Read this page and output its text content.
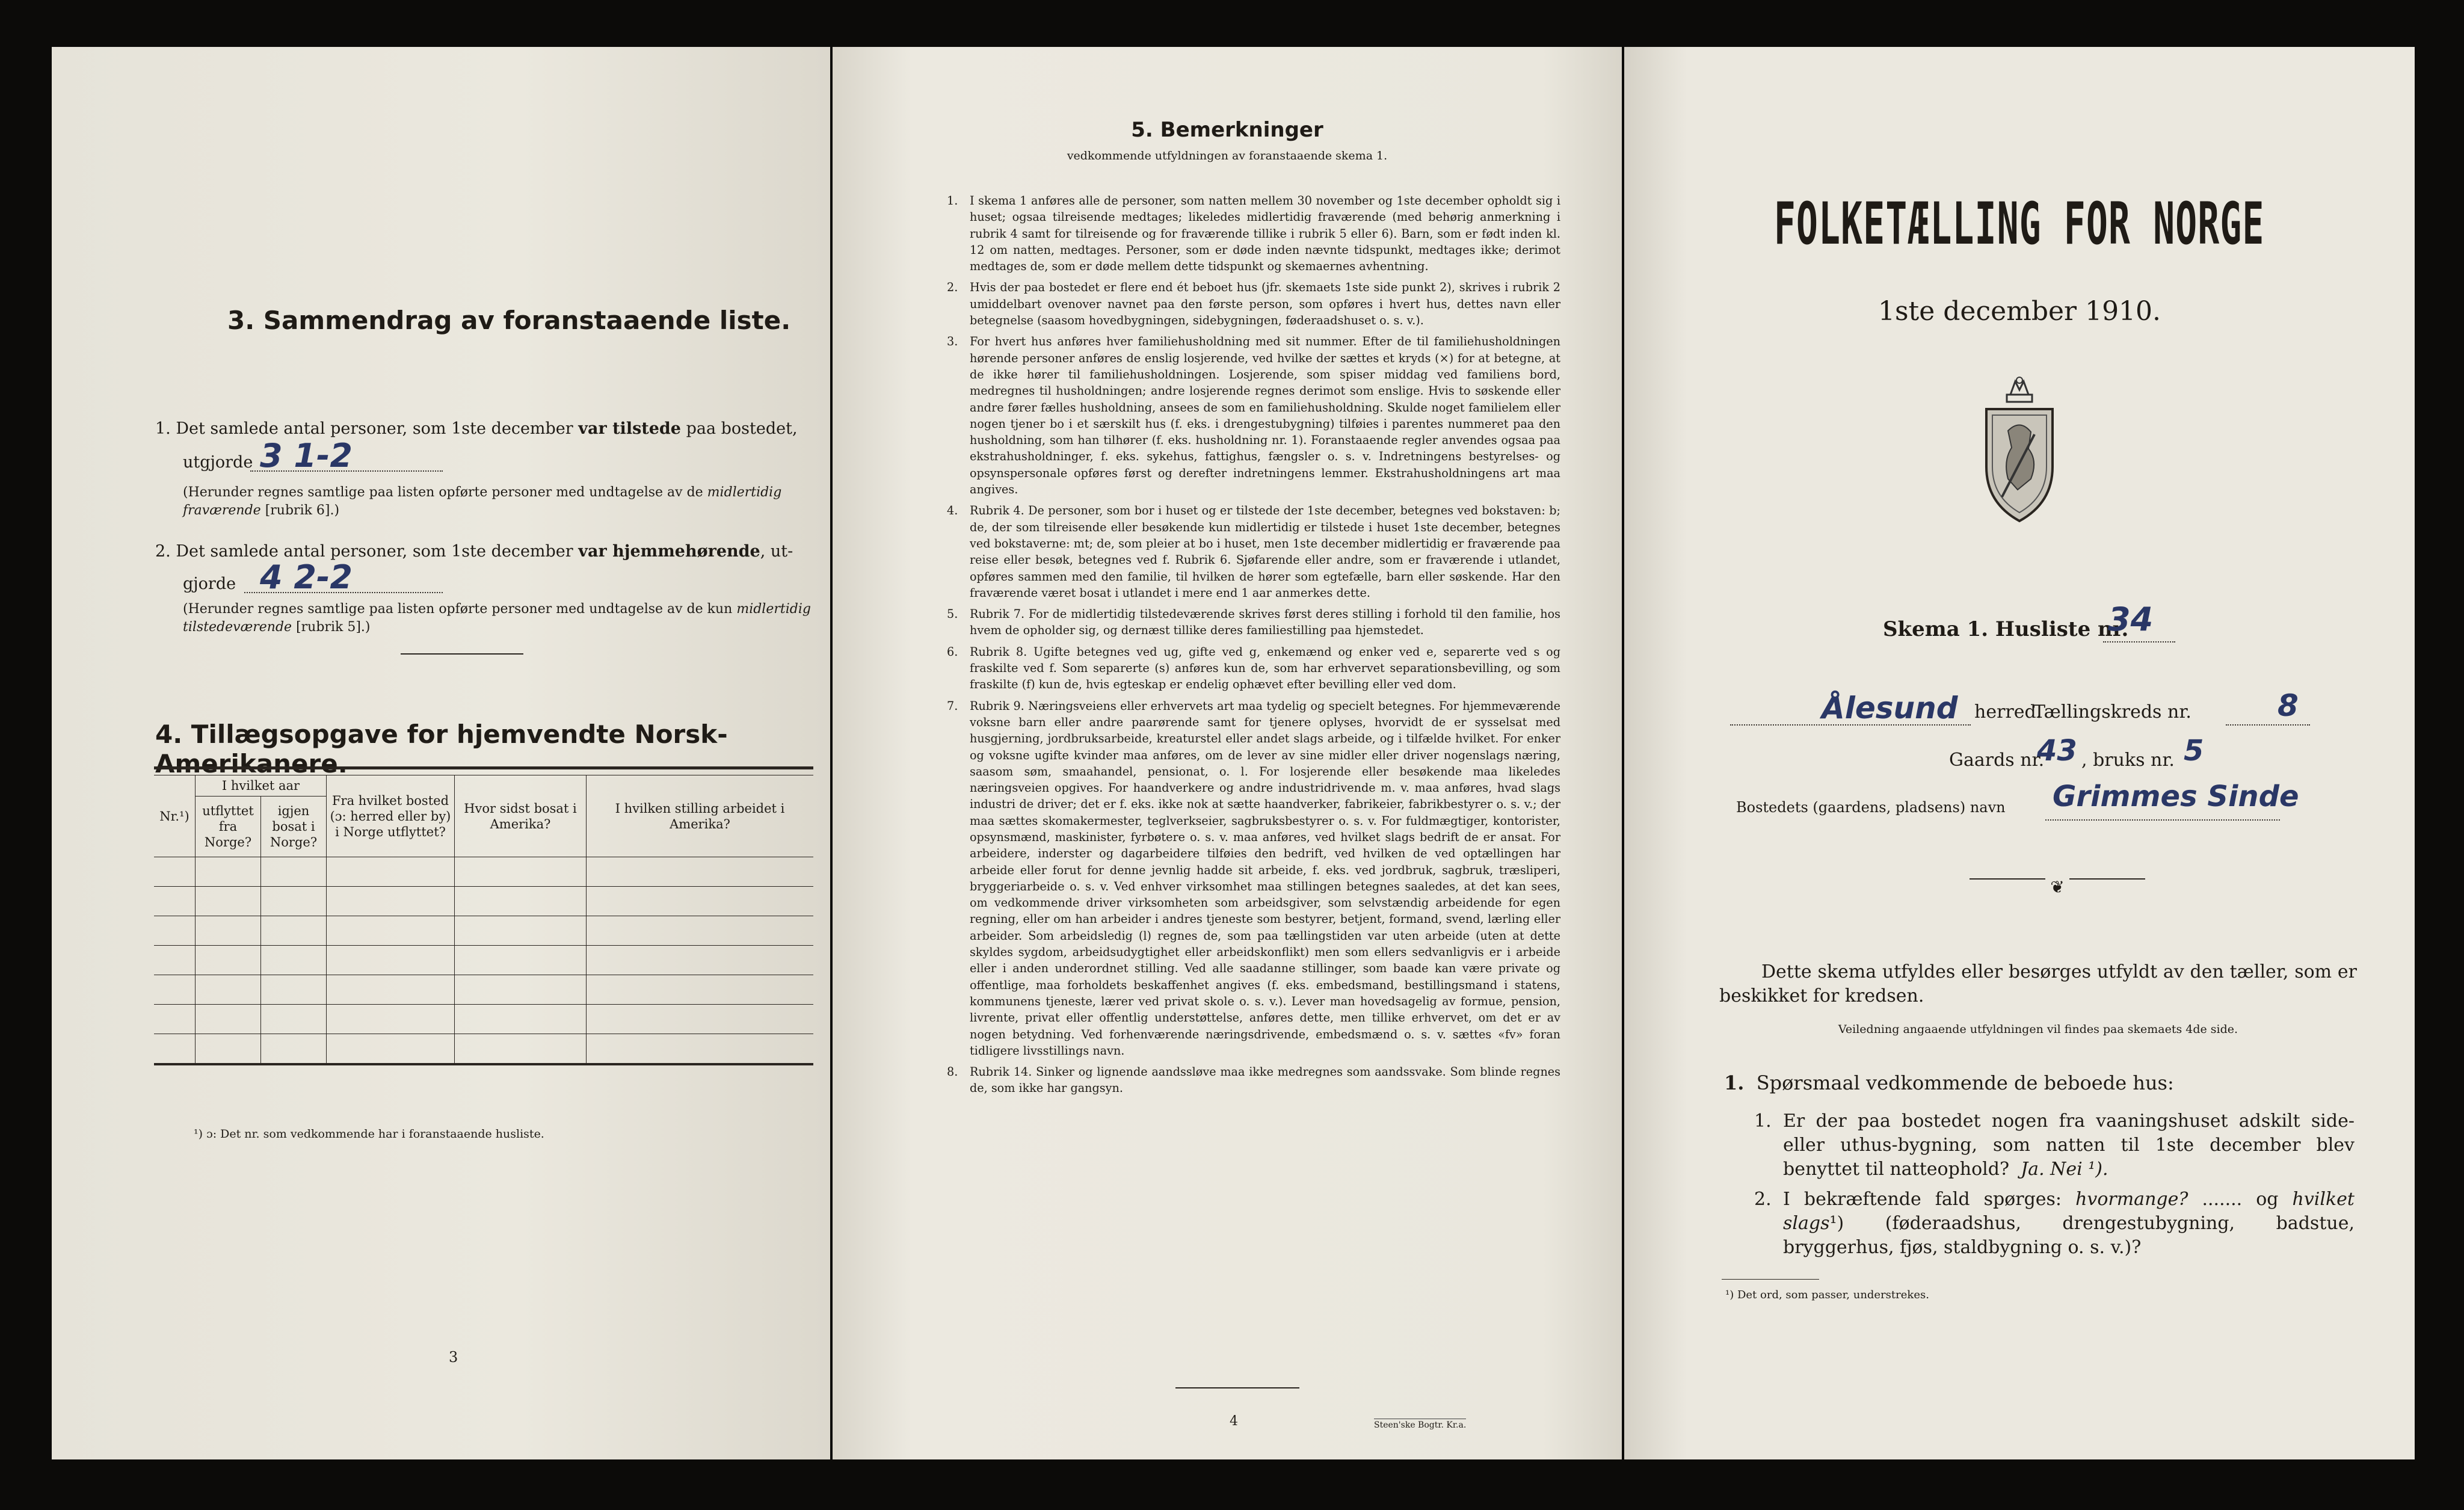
3. Sammendrag av foranstaaende liste.
1. Det samlede antal personer, som 1ste december var tilstede paa bostedet,
utgjorde 3 1-2
(Herunder regnes samtlige paa listen opførte personer med undtagelse av de midlertidig fraværende [rubrik 6].)
2. Det samlede antal personer, som 1ste december var hjemmehørende, ut-
gjorde 4 2-2
(Herunder regnes samtlige paa listen opførte personer med undtagelse av de kun midlertidig tilstedeværende [rubrik 5].)
4. Tillægsopgave for hjemvendte Norsk-Amerikanere.
Nr.¹)	I hvilket aar		Fra hvilket bosted (ɔ: herred eller by) i Norge utflyttet?	Hvor sidst bosat i Amerika?	I hvilken stilling arbeidet i Amerika?
	utflyttet fra Norge?	igjen bosat i Norge?			

¹) ɔ: Det nr. som vedkommende har i foranstaaende husliste.
3
5. Bemerkninger
vedkommende utfyldningen av foranstaaende skema 1.
1. I skema 1 anføres alle de personer, som natten mellem 30 november og 1ste december opholdt sig i huset; ogsaa tilreisende medtages; likeledes midlertidig fraværende (med behørig anmerkning i rubrik 4 samt for tilreisende og for fraværende tillike i rubrik 5 eller 6). Barn, som er født inden kl. 12 om natten, medtages. Personer, som er døde inden nævnte tidspunkt, medtages ikke; derimot medtages de, som er døde mellem dette tidspunkt og skemaernes avhentning.
2. Hvis der paa bostedet er flere end ét beboet hus (jfr. skemaets 1ste side punkt 2), skrives i rubrik 2 umiddelbart ovenover navnet paa den første person, som opføres i hvert hus, dettes navn eller betegnelse (saasom hovedbygningen, sidebygningen, føderaadshuset o. s. v.).
3. For hvert hus anføres hver familiehusholdning med sit nummer. Efter de til familiehusholdningen hørende personer anføres de enslig losjerende, ved hvilke der sættes et kryds (×) for at betegne, at de ikke hører til familiehusholdningen. Losjerende, som spiser middag ved familiens bord, medregnes til husholdningen; andre losjerende regnes derimot som enslige. Hvis to søskende eller andre fører fælles husholdning, ansees de som en familiehusholdning. Skulde noget familielem eller nogen tjener bo i et særskilt hus (f. eks. i drengestubygning) tilføies i parentes nummeret paa den husholdning, som han tilhører (f. eks. husholdning nr. 1). Foranstaaende regler anvendes ogsaa paa ekstrahusholdninger, f. eks. sykehus, fattighus, fængsler o. s. v. Indretningens bestyrelses- og opsynspersonale opføres først og derefter indretningens lemmer. Ekstrahusholdningens art maa angives.
4. Rubrik 4. De personer, som bor i huset og er tilstede der 1ste december, betegnes ved bokstaven: b; de, der som tilreisende eller besøkende kun midlertidig er tilstede i huset 1ste december, betegnes ved bokstaverne: mt; de, som pleier at bo i huset, men 1ste december midlertidig er fraværende paa reise eller besøk, betegnes ved f. Rubrik 6. Sjøfarende eller andre, som er fraværende i utlandet, opføres sammen med den familie, til hvilken de hører som egtefælle, barn eller søskende. Har den fraværende været bosat i utlandet i mere end 1 aar anmerkes dette.
5. Rubrik 7. For de midlertidig tilstedeværende skrives først deres stilling i forhold til den familie, hos hvem de opholder sig, og dernæst tillike deres familiestilling paa hjemstedet.
6. Rubrik 8. Ugifte betegnes ved ug, gifte ved g, enkemænd og enker ved e, separerte ved s og fraskilte ved f. Som separerte (s) anføres kun de, som har erhvervet separationsbevilling, og som fraskilte (f) kun de, hvis egteskap er endelig ophævet efter bevilling eller ved dom.
7. Rubrik 9. Næringsveiens eller erhvervets art maa tydelig og specielt betegnes. For hjemmeværende voksne barn eller andre paarørende samt for tjenere oplyses, hvorvidt de er sysselsat med husgjerning, jordbruksarbeide, kreaturstel eller andet slags arbeide, og i tilfælde hvilket. For enker og voksne ugifte kvinder maa anføres, om de lever av sine midler eller driver nogenslags næring, saasom søm, smaahandel, pensionat, o. l. For losjerende eller besøkende maa likeledes næringsveien opgives. For haandverkere og andre industridrivende m. v. maa anføres, hvad slags industri de driver; det er f. eks. ikke nok at sætte haandverker, fabrikeier, fabrikbestyrer o. s. v.; der maa sættes skomakermester, teglverkseier, sagbruksbestyrer o. s. v. For fuldmægtiger, kontorister, opsynsmænd, maskinister, fyrbøtere o. s. v. maa anføres, ved hvilket slags bedrift de er ansat. For arbeidere, inderster og dagarbeidere tilføies den bedrift, ved hvilken de ved optællingen har arbeide eller forut for denne jevnlig hadde sit arbeide, f. eks. ved jordbruk, sagbruk, træsliperi, bryggeriarbeide o. s. v. Ved enhver virksomhet maa stillingen betegnes saaledes, at det kan sees, om vedkommende driver virksomheten som arbeidsgiver, som selvstændig arbeidende for egen regning, eller om han arbeider i andres tjeneste som bestyrer, betjent, formand, svend, lærling eller arbeider. Som arbeidsledig (l) regnes de, som paa tællingstiden var uten arbeide (uten at dette skyldes sygdom, arbeidsudygtighet eller arbeidskonflikt) men som ellers sedvanligvis er i arbeide eller i anden underordnet stilling. Ved alle saadanne stillinger, som baade kan være private og offentlige, maa forholdets beskaffenhet angives (f. eks. embedsmand, bestillingsmand i statens, kommunens tjeneste, lærer ved privat skole o. s. v.). Lever man hovedsagelig av formue, pension, livrente, privat eller offentlig understøttelse, anføres dette, men tillike erhvervet, om det er av nogen betydning. Ved forhenværende næringsdrivende, embedsmænd o. s. v. sættes «fv» foran tidligere livsstillings navn.
8. Rubrik 14. Sinker og lignende aandssløve maa ikke medregnes som aandssvake. Som blinde regnes de, som ikke har gangsyn.
4	Steen'ske Bogtr. Kr.a.
FOLKETÆLLING FOR NORGE
1ste december 1910.
Skema 1. Husliste nr.
34
Ålesund herred.
Tællingskreds nr.	8
Gaards nr.
43 , bruks nr. 5
Bostedets (gaardens, pladsens) navn Grimmes Sinde
❦
Dette skema utfyldes eller besørges utfyldt av den tæller, som er beskikket for kredsen.
Veiledning angaaende utfyldningen vil findes paa skemaets 4de side.
1. Spørsmaal vedkommende de beboede hus:
1. Er der paa bostedet nogen fra vaaningshuset adskilt side- eller uthus-bygning, som natten til 1ste december blev benyttet til natteophold? Ja. Nei ¹).
2. I bekræftende fald spørges: hvormange? ....... og hvilket slags¹) (føderaadshus, drengestubygning, badstue, bryggerhus, fjøs, staldbygning o. s. v.)?
¹) Det ord, som passer, understrekes.
